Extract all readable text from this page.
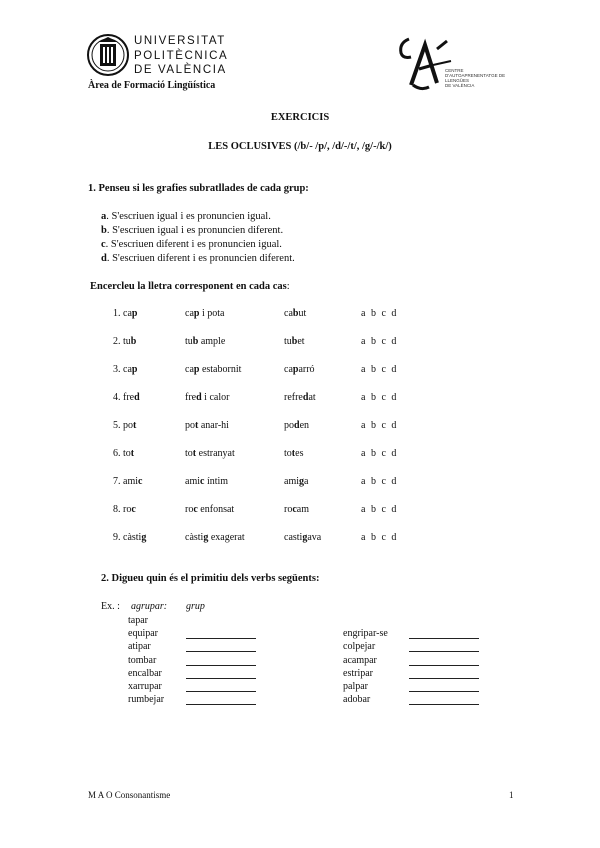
UNIVERSITAT
POLITÈCNICA
DE VALÈNCIA
Àrea de Formació Lingüística
CENTRE
D'AUTOAPRENENTATGE DE LLENGÜES
DE VALÈNCIA
EXERCICIS
LES OCLUSIVES (/b/- /p/, /d/-/t/, /g/-/k/)
1. Penseu si les grafies subratllades de cada grup:
a. S'escriuen igual i es pronuncien igual.
b. S'escriuen igual i es pronuncien diferent.
c. S'escriuen diferent i es pronuncien igual.
d. S'escriuen diferent i es pronuncien diferent.
Encercleu la lletra corresponent en cada cas:
1. cap	cap i pota	cabut	a b c d
2. tub	tub ample	tubet	a b c d
3. cap	cap estabornit	caparró	a b c d
4. fred	fred i calor	refredat	a b c d
5. pot	pot anar-hi	poden	a b c d
6. tot	tot estranyat	totes	a b c d
7. amic	amic íntim	amiga	a b c d
8. roc	roc enfonsat	rocam	a b c d
9. càstig	càstig exagerat	castigava	a b c d
2. Digueu quin és el primitiu dels verbs següents:
Ex. : agrupar: grup
tapar
equipar
atipar
tombar
encalbar
xarrupar
rumbejar
engripar-se
colpejar
acampar
estripar
palpar
adobar
M A O Consonantisme	1
